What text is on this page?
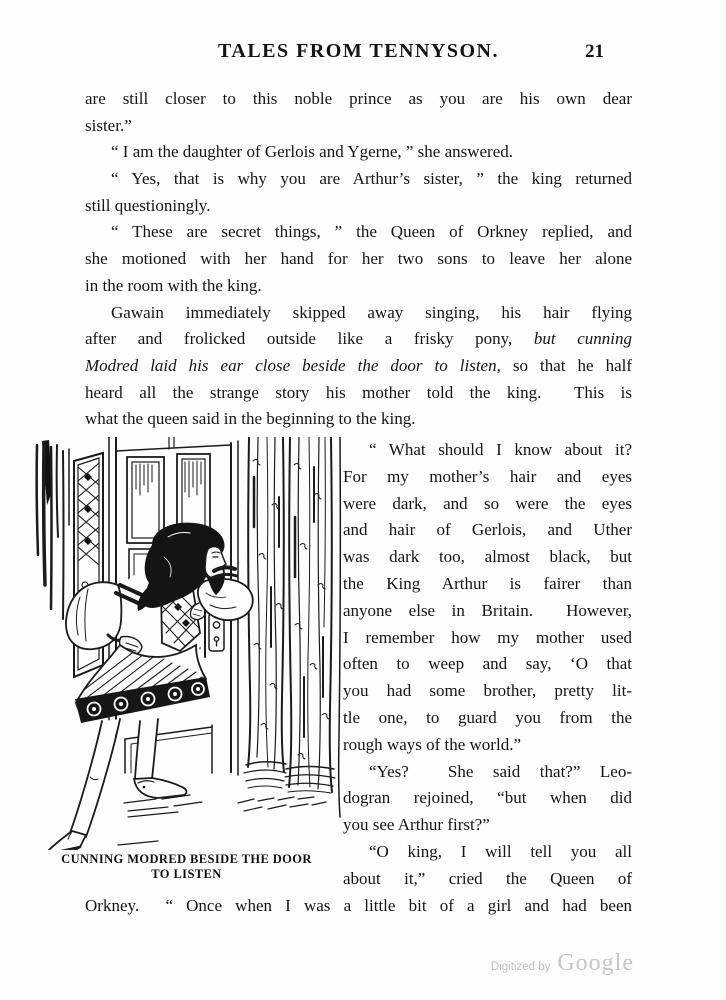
TALES FROM TENNYSON.	21
are still closer to this noble prince as you are his own dear
sister.”
“ I am the daughter of Gerlois and Ygerne, ” she answered.
“ Yes, that is why you are Arthur’s sister, ” the king returned
still questioningly.
“ These are secret things, ” the Queen of Orkney replied, and
she motioned with her hand for her two sons to leave her alone
in the room with the king.
Gawain immediately skipped away singing, his hair flying
after and frolicked outside like a frisky pony, but cunning
Modred laid his ear close beside the door to listen, so that he half
heard all the strange story his mother told the king.  This is
what the queen said in the beginning to the king.
“ What should I know about it?
For my mother’s hair and eyes
were dark, and so were the eyes
and hair of Gerlois, and Uther
was dark too, almost black, but
the King Arthur is fairer than
anyone else in Britain.  However,
I remember how my mother used
often to weep and say, ‘O that
you had some brother, pretty lit-
tle one, to guard you from the
rough ways of the world.”
“Yes?  She said that?” Leo-
dogran rejoined, “but when did
you see Arthur first?”
“O king, I will tell you all
about it,” cried the Queen of
CUNNING MODRED BESIDE THE DOOR
TO LISTEN
Orkney.  “ Once when I was a little bit of a girl and had been
Digitized by Google
